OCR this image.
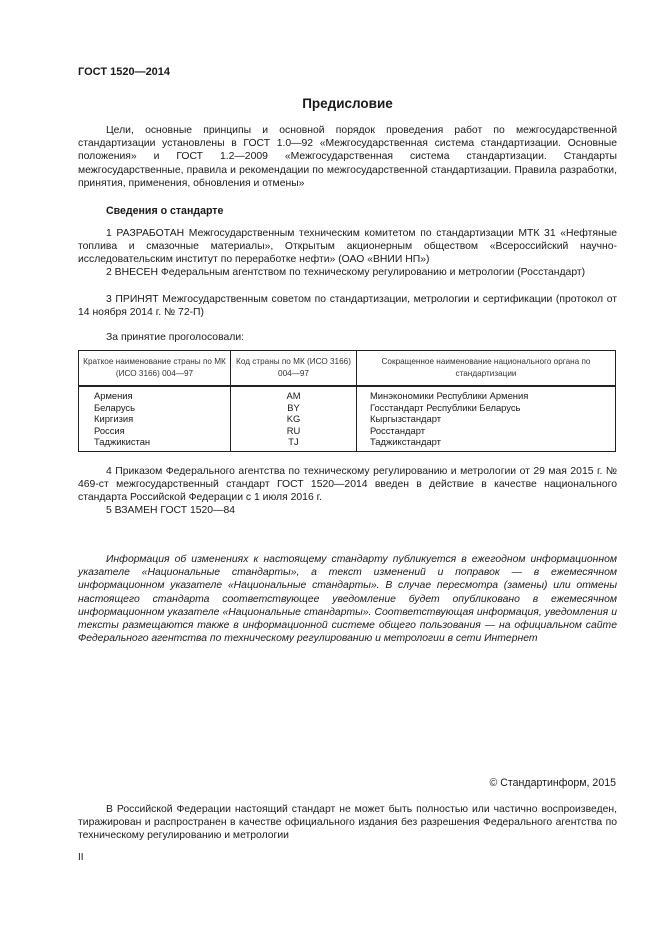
ГОСТ 1520—2014
Предисловие

Цели, основные принципы и основной порядок проведения работ по межгосударственной стандартизации установлены в ГОСТ 1.0—92 «Межгосударственная система стандартизации. Основные положения» и ГОСТ 1.2—2009 «Межгосударственная система стандартизации. Стандарты межгосударственные, правила и рекомендации по межгосударственной стандартизации. Правила разработки, принятия, применения, обновления и отмены»

Сведения о стандарте

1 РАЗРАБОТАН Межгосударственным техническим комитетом по стандартизации МТК 31 «Нефтяные топлива и смазочные материалы», Открытым акционерным обществом «Всероссийский научно-исследовательским институт по переработке нефти» (ОАО «ВНИИ НП»)

2 ВНЕСЕН Федеральным агентством по техническому регулированию и метрологии (Росстандарт)

3 ПРИНЯТ Межгосударственным советом по стандартизации, метрологии и сертификации (протокол от 14 ноября 2014 г. № 72-П)

За принятие проголосовали:
Краткое наименование страны по МК (ИСО 3166) 004—97	Код страны по МК (ИСО 3166) 004—97	Сокращенное наименование национального органа по стандартизации
Армения	AM	Минэкономики Республики Армения
Беларусь	BY	Госстандарт Республики Беларусь
Киргизия	KG	Кыргызстандарт
Россия	RU	Росстандарт
Таджикистан	TJ	Таджикстандарт

4 Приказом Федерального агентства по техническому регулированию и метрологии от 29 мая 2015 г. № 469-ст межгосударственный стандарт ГОСТ 1520—2014 введен в действие в качестве национального стандарта Российской Федерации с 1 июля 2016 г.

5 ВЗАМЕН ГОСТ 1520—84

Информация об изменениях к настоящему стандарту публикуется в ежегодном информационном указателе «Национальные стандарты», а текст изменений и поправок — в ежемесячном информационном указателе «Национальные стандарты». В случае пересмотра (замены) или отмены настоящего стандарта соответствующее уведомление будет опубликовано в ежемесячном информационном указателе «Национальные стандарты». Соответствующая информация, уведомления и тексты размещаются также в информационной системе общего пользования — на официальном сайте Федерального агентства по техническому регулированию и метрологии в сети Интернет

© Стандартинформ, 2015

В Российской Федерации настоящий стандарт не может быть полностью или частично воспроизведен, тиражирован и распространен в качестве официального издания без разрешения Федерального агентства по техническому регулированию и метрологии

II
